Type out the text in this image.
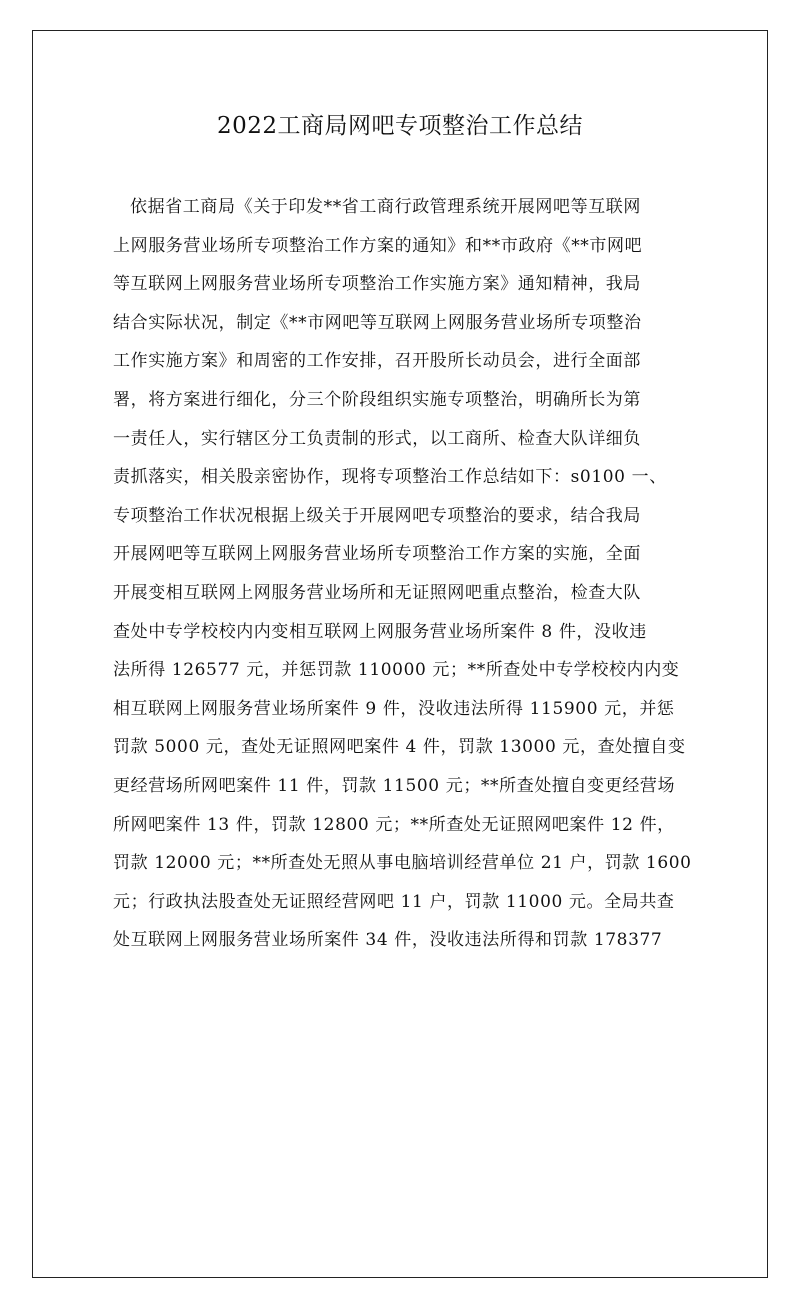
2022工商局网吧专项整治工作总结
依据省工商局《关于印发**省工商行政管理系统开展网吧等互联网
上网服务营业场所专项整治工作方案的通知》和**市政府《**市网吧
等互联网上网服务营业场所专项整治工作实施方案》通知精神，我局
结合实际状况，制定《**市网吧等互联网上网服务营业场所专项整治
工作实施方案》和周密的工作安排，召开股所长动员会，进行全面部
署，将方案进行细化，分三个阶段组织实施专项整治，明确所长为第
一责任人，实行辖区分工负责制的形式，以工商所、检查大队详细负
责抓落实，相关股亲密协作，现将专项整治工作总结如下：s0100 一、
专项整治工作状况根据上级关于开展网吧专项整治的要求，结合我局
开展网吧等互联网上网服务营业场所专项整治工作方案的实施，全面
开展变相互联网上网服务营业场所和无证照网吧重点整治，检查大队
查处中专学校校内内变相互联网上网服务营业场所案件 8 件，没收违
法所得 126577 元，并惩罚款 110000 元；**所查处中专学校校内内变
相互联网上网服务营业场所案件 9 件，没收违法所得 115900 元，并惩
罚款 5000 元，查处无证照网吧案件 4 件，罚款 13000 元，查处擅自变
更经营场所网吧案件 11 件，罚款 11500 元；**所查处擅自变更经营场
所网吧案件 13 件，罚款 12800 元；**所查处无证照网吧案件 12 件，
罚款 12000 元；**所查处无照从事电脑培训经营单位 21 户，罚款 1600
元；行政执法股查处无证照经营网吧 11 户，罚款 11000 元。全局共查
处互联网上网服务营业场所案件 34 件，没收违法所得和罚款 178377
